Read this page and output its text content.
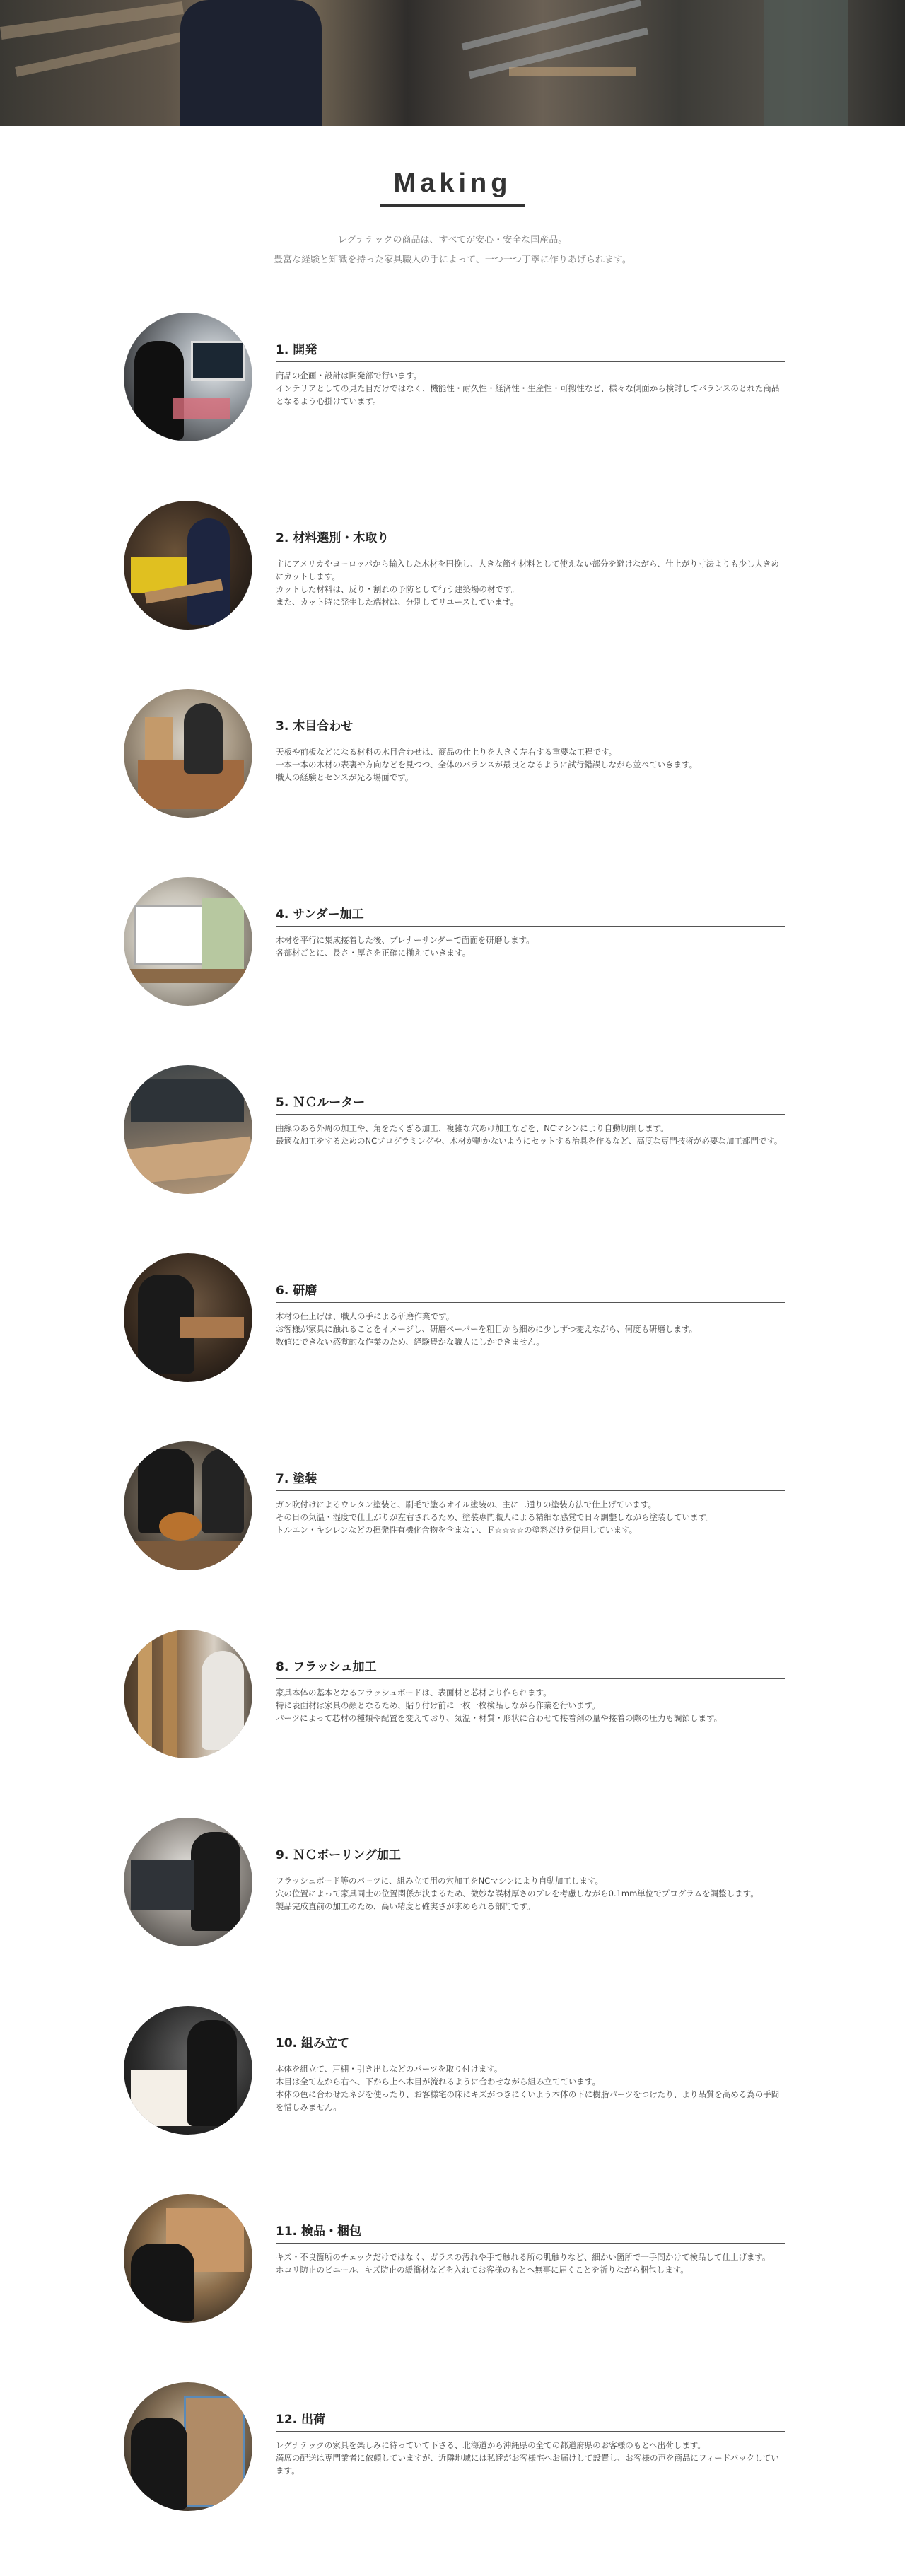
Making
レグナテックの商品は、すべてが安心・安全な国産品。
豊富な経験と知識を持った家具職人の手によって、一つ一つ丁寧に作りあげられます。
1. 開発
商品の企画・設計は開発部で行います。
インテリアとしての見た目だけではなく、機能性・耐久性・経済性・生産性・可搬性など、様々な側面から検討してバランスのとれた商品となるよう心掛けています。
2. 材料選別・木取り
主にアメリカやヨーロッパから輸入した木材を円挽し、大きな節や材料として使えない部分を避けながら、仕上がり寸法よりも少し大きめにカットします。
カットした材料は、反り・割れの予防として行う建築場の材です。
また、カット時に発生した端材は、分別してリユースしています。
3. 木目合わせ
天板や前板などになる材料の木目合わせは、商品の仕上りを大きく左右する重要な工程です。
一本一本の木材の表裏や方向などを見つつ、全体のバランスが最良となるように試行錯誤しながら並べていきます。
職人の経験とセンスが光る場面です。
4. サンダー加工
木材を平行に集成接着した後、プレナーサンダーで面面を研磨します。
各部材ごとに、長さ・厚さを正確に揃えていきます。
5. ＮＣルーター
曲線のある外周の加工や、角をたくぎる加工、複雑な穴あけ加工などを、NCマシンにより自動切削します。
最適な加工をするためのNCプログラミングや、木材が動かないようにセットする治具を作るなど、高度な専門技術が必要な加工部門です。
6. 研磨
木材の仕上げは、職人の手による研磨作業です。
お客様が家具に触れることをイメージし、研磨ペーパーを粗目から細めに少しずつ変えながら、何度も研磨します。
数値にできない感覚的な作業のため、経験豊かな職人にしかできません。
7. 塗装
ガン吹付けによるウレタン塗装と、刷毛で塗るオイル塗装の、主に二通りの塗装方法で仕上げています。
その日の気温・湿度で仕上がりが左右されるため、塗装専門職人による精細な感覚で日々調整しながら塗装しています。
トルエン・キシレンなどの揮発性有機化合物を含まない、Ｆ☆☆☆☆の塗料だけを使用しています。
8. フラッシュ加工
家具本体の基本となるフラッシュボードは、表面材と芯材より作られます。
特に表面材は家具の顔となるため、貼り付け前に一枚一枚検品しながら作業を行います。
パーツによって芯材の種類や配置を変えており、気温・材質・形状に合わせて接着剤の量や接着の際の圧力も調節します。
9. ＮＣボーリング加工
フラッシュボード等のパーツに、組み立て用の穴加工をNCマシンにより自動加工します。
穴の位置によって家具同士の位置関係が決まるため、微妙な誤材厚さのブレを考慮しながら0.1mm単位でプログラムを調整します。
製品完成直前の加工のため、高い精度と確実さが求められる部門です。
10. 組み立て
本体を組立て、戸棚・引き出しなどのパーツを取り付けます。
木目は全て左から右へ、下から上へ木目が流れるように合わせながら組み立てています。
本体の色に合わせたネジを使ったり、お客様宅の床にキズがつきにくいよう本体の下に樹脂パーツをつけたり、より品質を高める為の手間を惜しみません。
11. 検品・梱包
キズ・不良箇所のチェックだけではなく、ガラスの汚れや手で触れる所の肌触りなど、細かい箇所で一手間かけて検品して仕上げます。
ホコリ防止のビニール、キズ防止の緩衝材などを入れてお客様のもとへ無事に届くことを祈りながら梱包します。
12. 出荷
レグナテックの家具を楽しみに待っていて下さる、北海道から沖縄県の全ての都道府県のお客様のもとへ出荷します。
満席の配送は専門業者に依頼していますが、近隣地域には私達がお客様宅へお届けして設置し、お客様の声を商品にフィードバックしています。
